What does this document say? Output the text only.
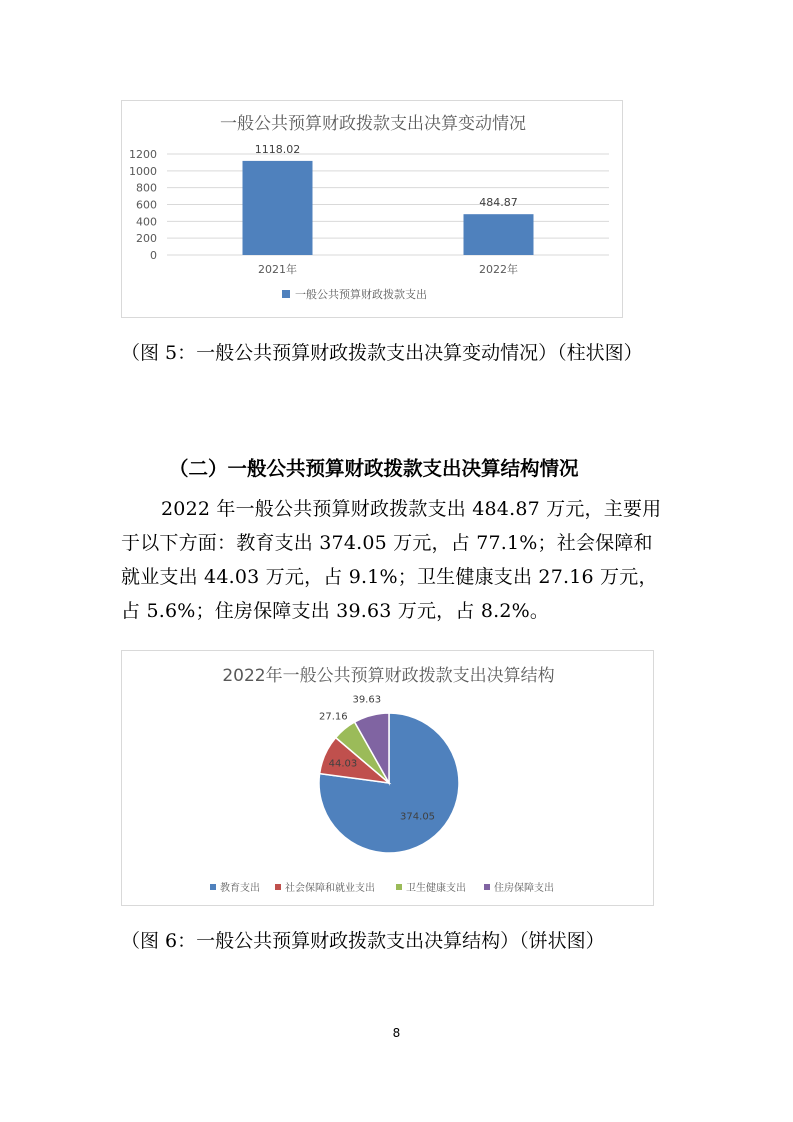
一般公共预算财政拨款支出决算变动情况
0
200
400
600
800
1000
1200	1118.02
2021年
484.87
2022年
一般公共预算财政拨款支出

（图 5：一般公共预算财政拨款支出决算变动情况）（柱状图）

（二）一般公共预算财政拨款支出决算结构情况

2022 年一般公共预算财政拨款支出 484.87 万元，主要用于以下方面：教育支出 374.05 万元，占 77.1%；社会保障和就业支出 44.03 万元，占 9.1%；卫生健康支出 27.16 万元，占 5.6%；住房保障支出 39.63 万元，占 8.2%。

2022年一般公共预算财政拨款支出决算结构
374.05
44.03
27.16
39.63
教育支出	社会保障和就业支出	卫生健康支出	住房保障支出

（图 6：一般公共预算财政拨款支出决算结构）（饼状图）

8
